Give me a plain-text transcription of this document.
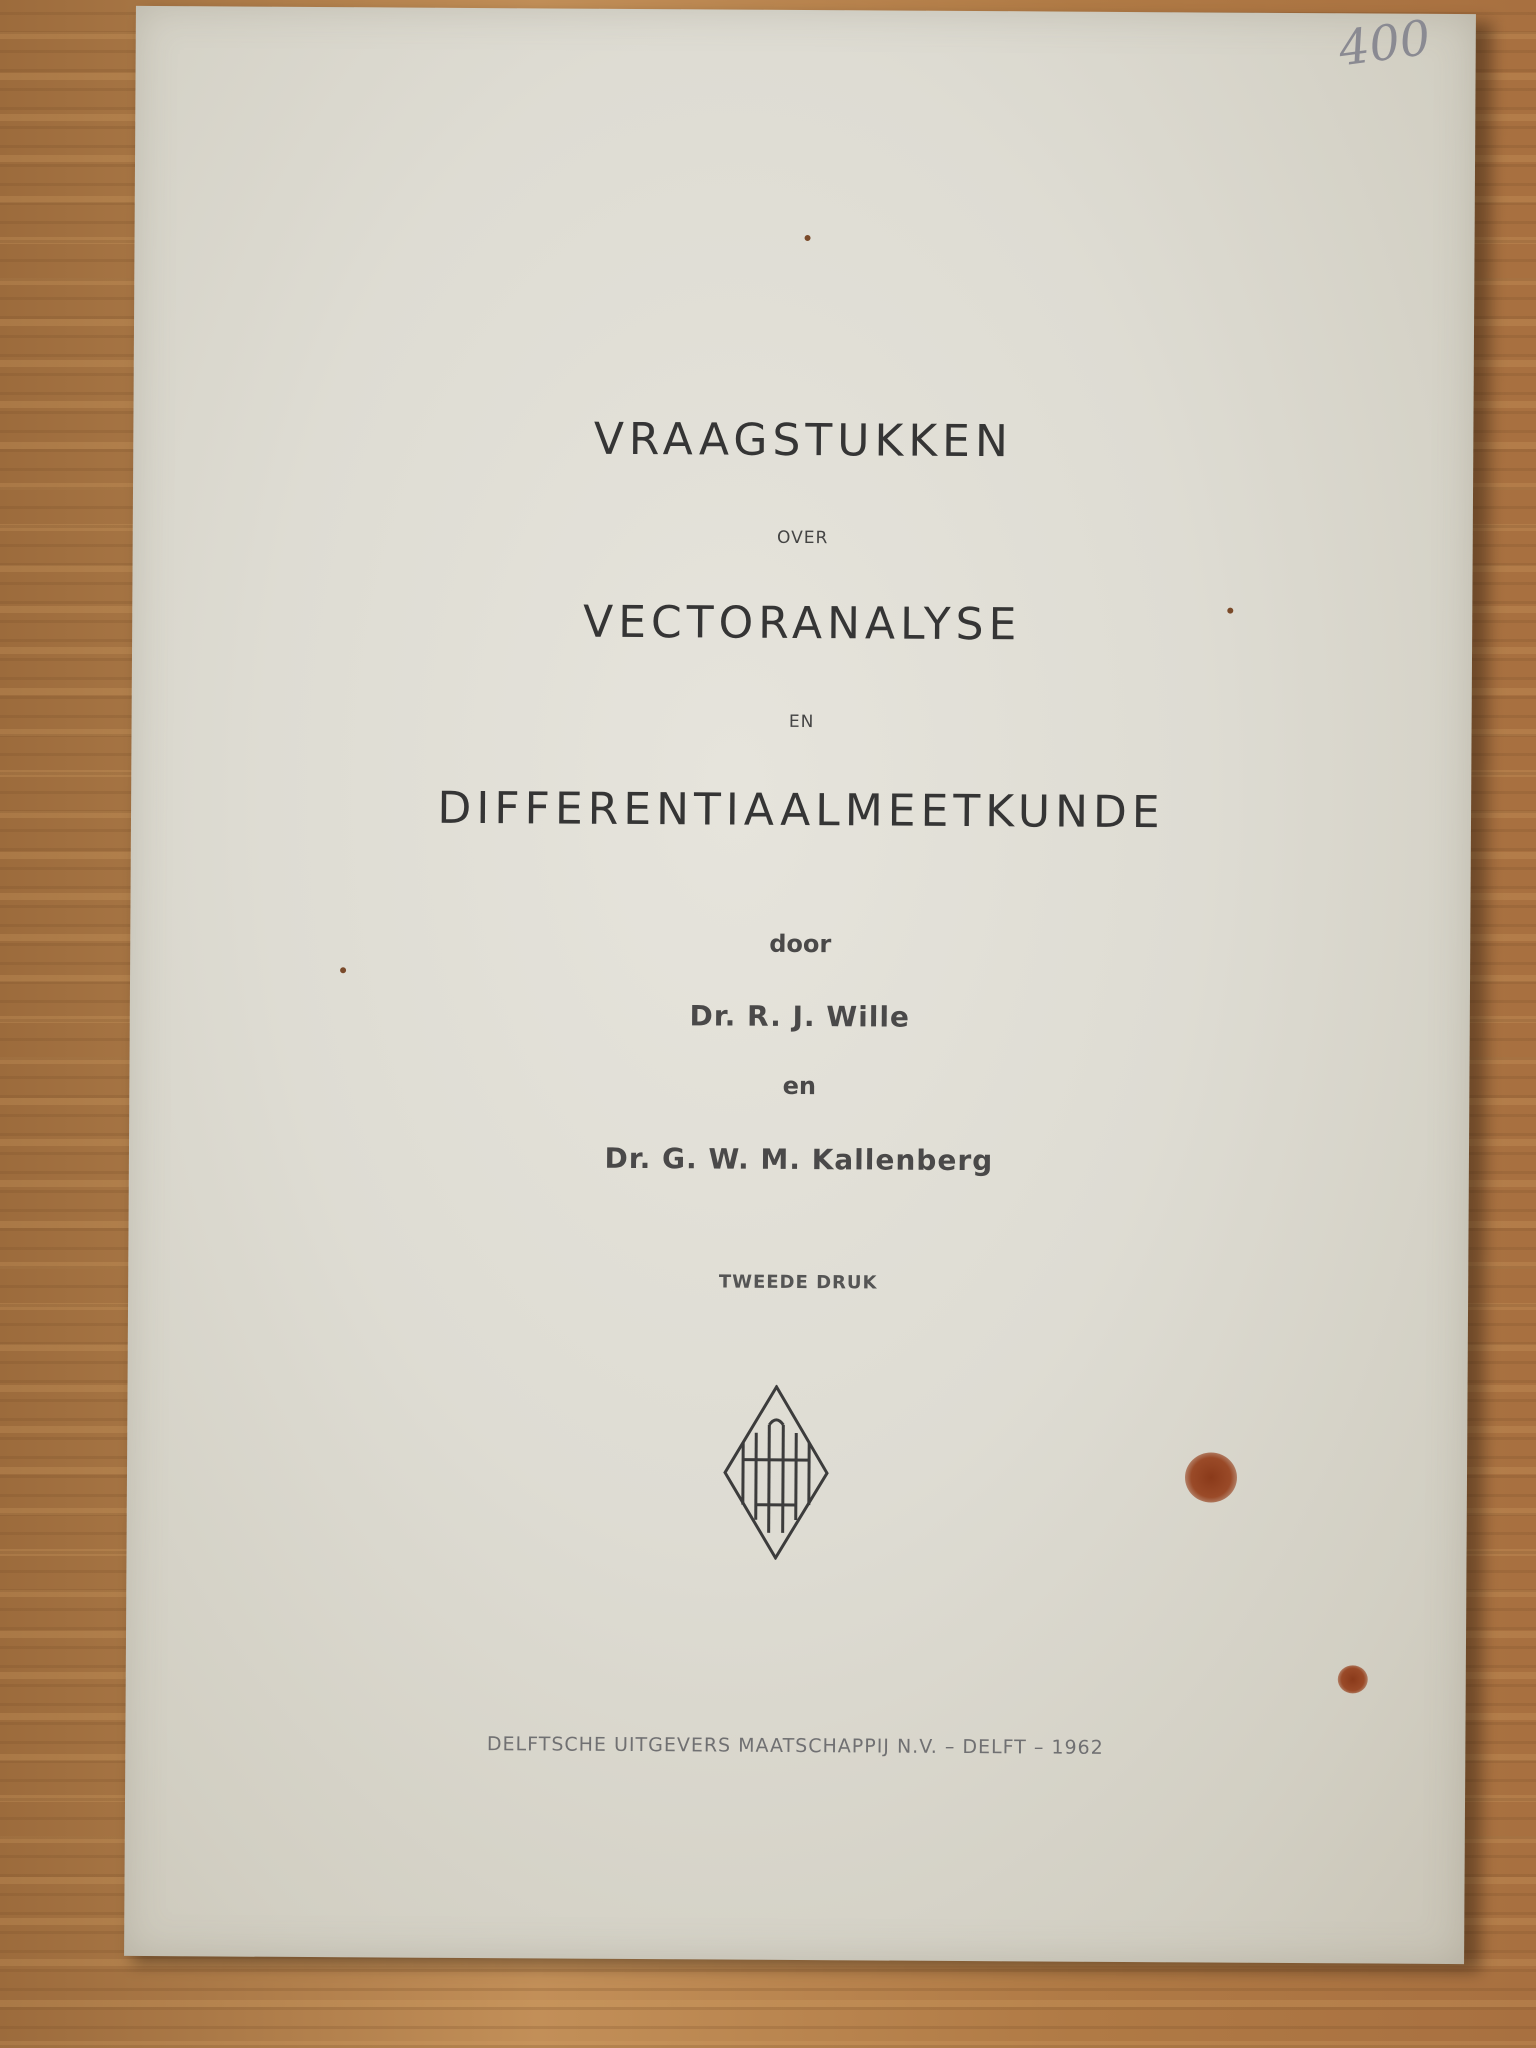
400
VRAAGSTUKKEN
OVER
VECTORANALYSE
EN
DIFFERENTIAALMEETKUNDE
door
Dr. R. J. Wille
en
Dr. G. W. M. Kallenberg
TWEEDE DRUK
DELFTSCHE UITGEVERS MAATSCHAPPIJ N.V. – DELFT – 1962
